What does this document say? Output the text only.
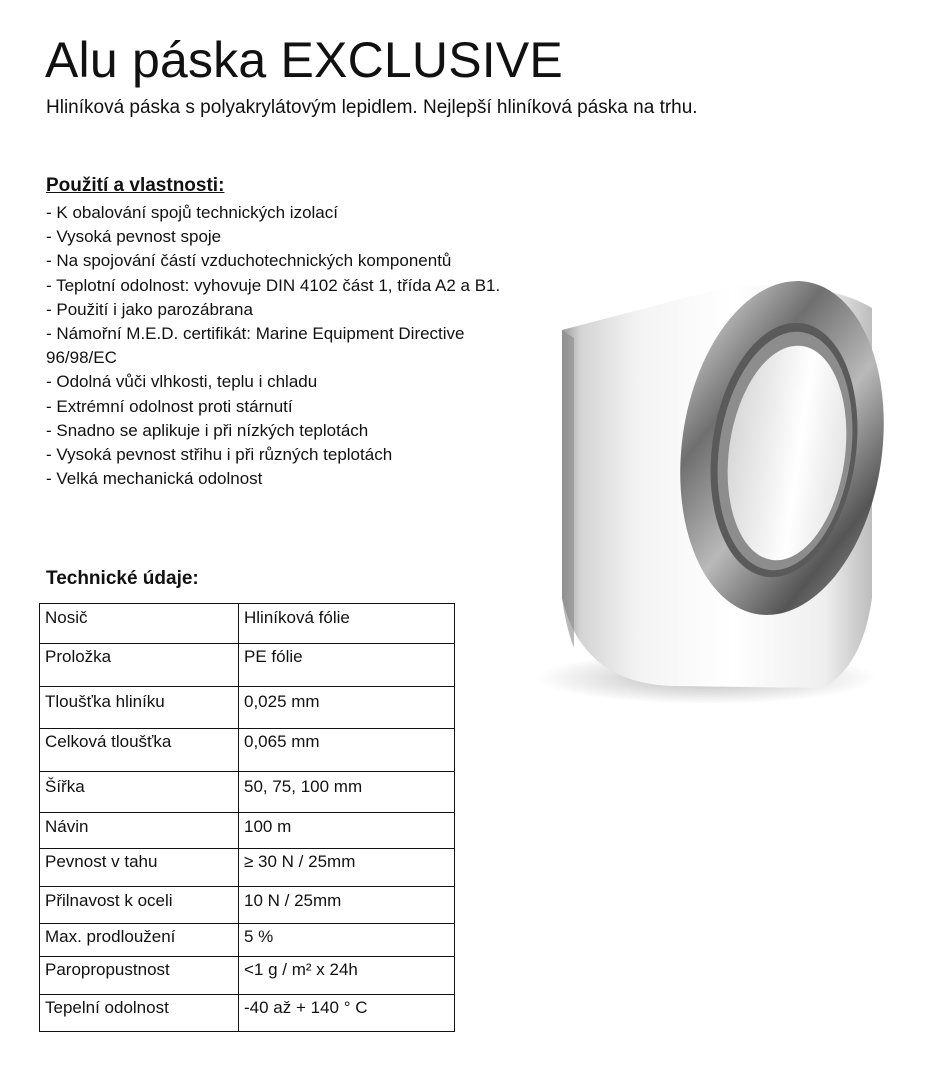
Alu páska EXCLUSIVE

Hliníková páska s polyakrylátovým lepidlem. Nejlepší hliníková páska na trhu.

Použití a vlastnosti:
- K obalování spojů technických izolací
- Vysoká pevnost spoje
- Na spojování částí vzduchotechnických komponentů
- Teplotní odolnost: vyhovuje DIN 4102 část 1, třída A2 a B1.
- Použití i jako parozábrana
- Námořní M.E.D. certifikát: Marine Equipment Directive 96/98/EC
- Odolná vůči vlhkosti, teplu i chladu
- Extrémní odolnost proti stárnutí
- Snadno se aplikuje i při nízkých teplotách
- Vysoká pevnost střihu i při různých teplotách
- Velká mechanická odolnost
Technické údaje:
Nosič	Hliníková fólie
Proložka	PE fólie
Tloušťka hliníku	0,025 mm
Celková tloušťka	0,065 mm
Šířka	50, 75, 100 mm
Návin	100 m
Pevnost v tahu	≥ 30 N / 25mm
Přilnavost k oceli	10 N / 25mm
Max. prodloužení	5 %
Paropropustnost	<1 g / m² x 24h
Tepelní odolnost	-40 až + 140 ° C
